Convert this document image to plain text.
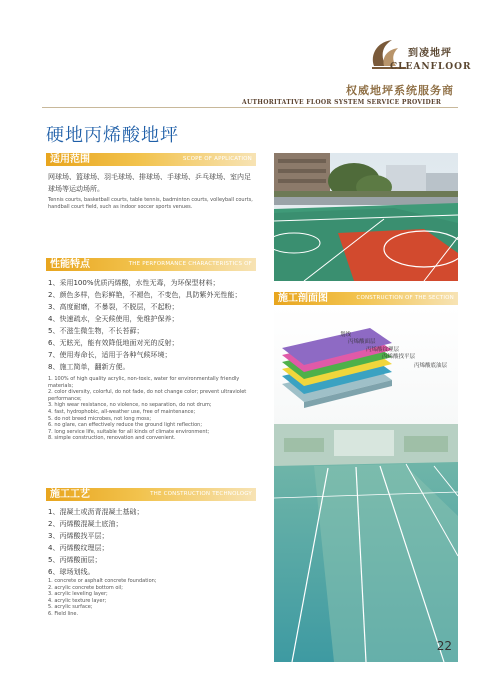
到凌地坪
CLEANFLOOR
权威地坪系统服务商
AUTHORITATIVE FLOOR SYSTEM SERVICE PROVIDER
硬地丙烯酸地坪
适用范围	SCOPE OF APPLICATION
网球场、篮球场、羽毛球场、排球场、手球场、乒乓球场、室内足球场等运动场所。
Tennis courts, basketball courts, table tennis, badminton courts, volleyball courts, handball court field, such as indoor soccer sports venues.
性能特点	THE PERFORMANCE CHARACTERISTICS OF
1、采用100%优质丙烯酸，水性无毒，为环保型材料；
2、颜色多样，色彩鲜艳，不褪色，不变色，具防紫外光性能；
3、高度耐磨，不暴裂，不脱层，不起粉；
4、快速疏水，全天候使用，免维护保养；
5、不滋生微生物，不长苔藓；
6、无眩光，能有效降低地面对光的反射；
7、使用寿命长，适用于各种气候环境；
8、施工简单，翻新方便。
1. 100% of high quality acrylic, non-toxic, water for environmentally friendly materials;
2. color diversity, colorful, do not fade, do not change color; prevent ultraviolet performance;
3. high wear resistance, no violence, no separation, do not drum;
4. fast, hydrophobic, all-weather use, free of maintenance;
5. do not breed microbes, not long moss;
6. no glare, can effectively reduce the ground light reflection;
7. long service life, suitable for all kinds of climate environment;
8. simple construction, renovation and convenient.
施工工艺	THE CONSTRUCTION TECHNOLOGY
1、混凝土或沥青混凝土基础；
2、丙烯酸混凝土底油；
3、丙烯酸找平层；
4、丙烯酸纹理层；
5、丙烯酸面层；
6、球场划线。
1. concrete or asphalt concrete foundation;
2. acrylic concrete bottom oil;
3. acrylic leveling layer;
4. acrylic texture layer;
5. acrylic surface;
6. Field line.
施工剖面图	CONSTRUCTION OF THE SECTION
划线
丙烯酸面层
丙烯酸纹理层
丙烯酸找平层
丙烯酸底油层
22
